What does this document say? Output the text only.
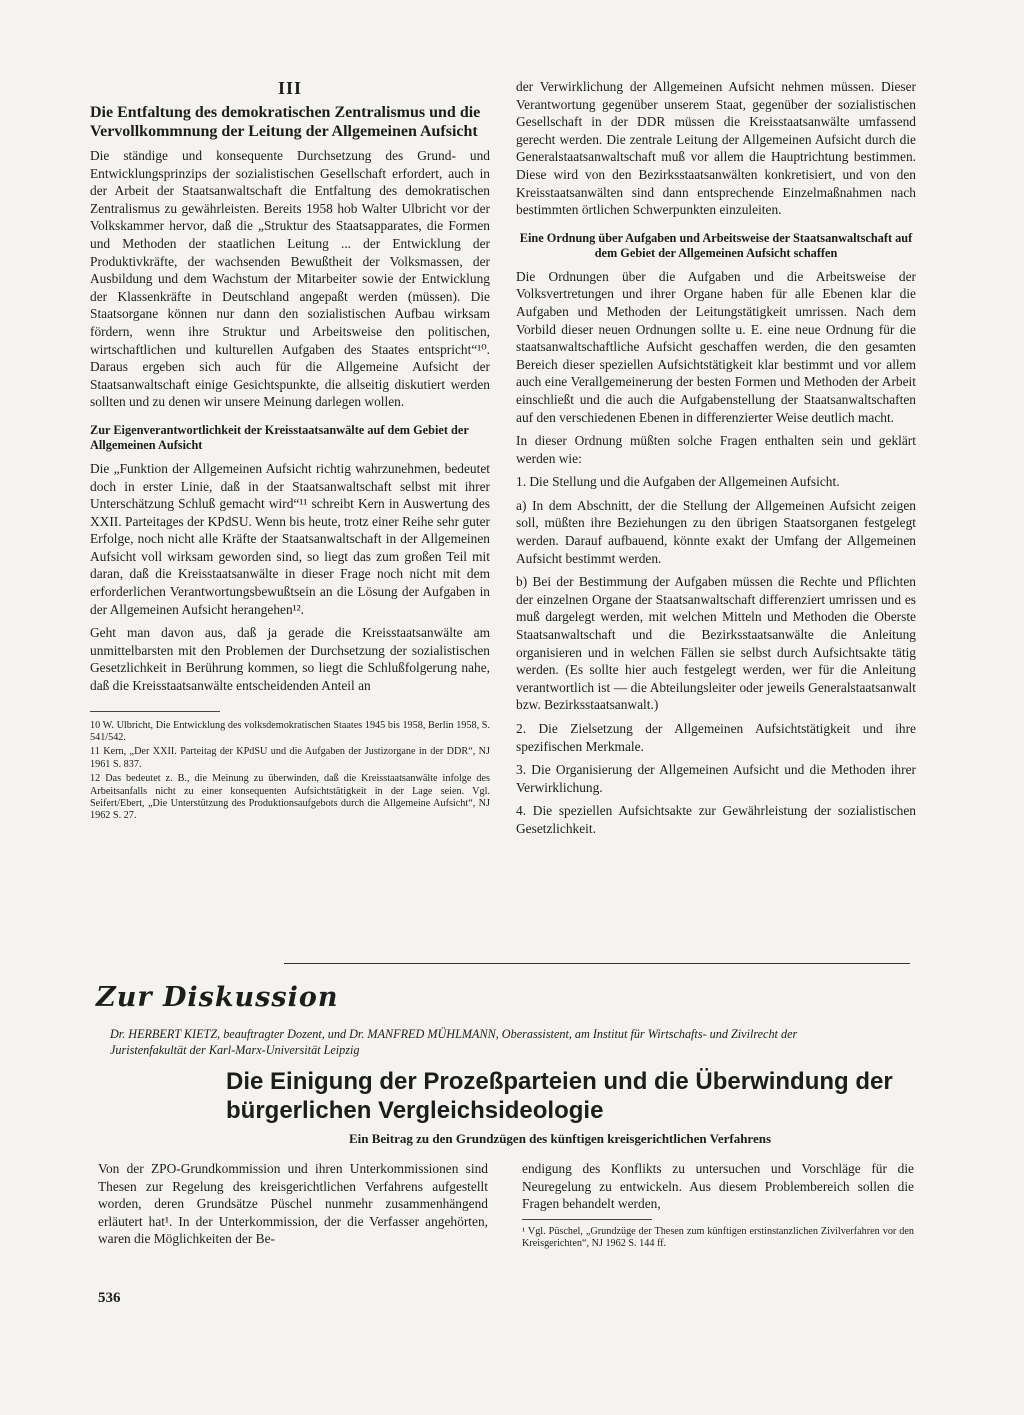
III
Die Entfaltung des demokratischen Zentralismus und die Vervollkommnung der Leitung der Allgemeinen Aufsicht

Die ständige und konsequente Durchsetzung des Grund- und Entwicklungsprinzips der sozialistischen Gesellschaft erfordert, auch in der Arbeit der Staatsanwaltschaft die Entfaltung des demokratischen Zentralismus zu gewährleisten. Bereits 1958 hob Walter Ulbricht vor der Volkskammer hervor, daß die „Struktur des Staatsapparates, die Formen und Methoden der staatlichen Leitung ... der Entwicklung der Produktivkräfte, der wachsenden Bewußtheit der Volksmassen, der Ausbildung und dem Wachstum der Mitarbeiter sowie der Entwicklung der Klassenkräfte in Deutschland angepaßt werden (müssen). Die Staatsorgane können nur dann den sozialistischen Aufbau wirksam fördern, wenn ihre Struktur und Arbeitsweise den politischen, wirtschaftlichen und kulturellen Aufgaben des Staates entspricht“¹⁰. Daraus ergeben sich auch für die Allgemeine Aufsicht der Staatsanwaltschaft einige Gesichtspunkte, die allseitig diskutiert werden sollten und zu denen wir unsere Meinung darlegen wollen.

Zur Eigenverantwortlichkeit der Kreisstaatsanwälte auf dem Gebiet der Allgemeinen Aufsicht

Die „Funktion der Allgemeinen Aufsicht richtig wahrzunehmen, bedeutet doch in erster Linie, daß in der Staatsanwaltschaft selbst mit ihrer Unterschätzung Schluß gemacht wird“¹¹ schreibt Kern in Auswertung des XXII. Parteitages der KPdSU. Wenn bis heute, trotz einer Reihe sehr guter Erfolge, noch nicht alle Kräfte der Staatsanwaltschaft in der Allgemeinen Aufsicht voll wirksam geworden sind, so liegt das zum großen Teil mit daran, daß die Kreisstaatsanwälte in dieser Frage noch nicht mit dem erforderlichen Verantwortungsbewußtsein an die Lösung der Aufgaben in der Allgemeinen Aufsicht herangehen¹².

Geht man davon aus, daß ja gerade die Kreisstaatsanwälte am unmittelbarsten mit den Problemen der Durchsetzung der sozialistischen Gesetzlichkeit in Berührung kommen, so liegt die Schlußfolgerung nahe, daß die Kreisstaatsanwälte entscheidenden Anteil an

10 W. Ulbricht, Die Entwicklung des volksdemokratischen Staates 1945 bis 1958, Berlin 1958, S. 541/542.

11 Kern, „Der XXII. Parteitag der KPdSU und die Aufgaben der Justizorgane in der DDR“, NJ 1961 S. 837.

12 Das bedeutet z. B., die Meinung zu überwinden, daß die Kreisstaatsanwälte infolge des Arbeitsanfalls nicht zu einer konsequenten Aufsichtstätigkeit in der Lage seien. Vgl. Seifert/Ebert, „Die Unterstützung des Produktionsaufgebots durch die Allgemeine Aufsicht“, NJ 1962 S. 27.

der Verwirklichung der Allgemeinen Aufsicht nehmen müssen. Dieser Verantwortung gegenüber unserem Staat, gegenüber der sozialistischen Gesellschaft in der DDR müssen die Kreisstaatsanwälte umfassend gerecht werden. Die zentrale Leitung der Allgemeinen Aufsicht durch die Generalstaatsanwaltschaft muß vor allem die Hauptrichtung bestimmen. Diese wird von den Bezirksstaatsanwälten konkretisiert, und von den Kreisstaatsanwälten sind dann entsprechende Einzelmaßnahmen nach bestimmten örtlichen Schwerpunkten einzuleiten.

Eine Ordnung über Aufgaben und Arbeitsweise der Staatsanwaltschaft auf dem Gebiet der Allgemeinen Aufsicht schaffen

Die Ordnungen über die Aufgaben und die Arbeitsweise der Volksvertretungen und ihrer Organe haben für alle Ebenen klar die Aufgaben und Methoden der Leitungstätigkeit umrissen. Nach dem Vorbild dieser neuen Ordnungen sollte u. E. eine neue Ordnung für die staatsanwaltschaftliche Aufsicht geschaffen werden, die den gesamten Bereich dieser speziellen Aufsichtstätigkeit klar bestimmt und vor allem auch eine Verallgemeinerung der besten Formen und Methoden der Arbeit einschließt und die auch die Aufgabenstellung der Staatsanwaltschaften auf den verschiedenen Ebenen in differenzierter Weise deutlich macht.

In dieser Ordnung müßten solche Fragen enthalten sein und geklärt werden wie:

1. Die Stellung und die Aufgaben der Allgemeinen Aufsicht.

a) In dem Abschnitt, der die Stellung der Allgemeinen Aufsicht zeigen soll, müßten ihre Beziehungen zu den übrigen Staatsorganen festgelegt werden. Darauf aufbauend, könnte exakt der Umfang der Allgemeinen Aufsicht bestimmt werden.

b) Bei der Bestimmung der Aufgaben müssen die Rechte und Pflichten der einzelnen Organe der Staatsanwaltschaft differenziert umrissen und es muß dargelegt werden, mit welchen Mitteln und Methoden die Oberste Staatsanwaltschaft und die Bezirksstaatsanwälte die Anleitung organisieren und in welchen Fällen sie selbst durch Aufsichtsakte tätig werden. (Es sollte hier auch festgelegt werden, wer für die Anleitung verantwortlich ist — die Abteilungsleiter oder jeweils Generalstaatsanwalt bzw. Bezirksstaatsanwalt.)

2. Die Zielsetzung der Allgemeinen Aufsichtstätigkeit und ihre spezifischen Merkmale.

3. Die Organisierung der Allgemeinen Aufsicht und die Methoden ihrer Verwirklichung.

4. Die speziellen Aufsichtsakte zur Gewährleistung der sozialistischen Gesetzlichkeit.

Zur Diskussion
Dr. HERBERT KIETZ, beauftragter Dozent, und Dr. MANFRED MÜHLMANN, Oberassistent, am Institut für Wirtschafts- und Zivilrecht der Juristenfakultät der Karl-Marx-Universität Leipzig
Die Einigung der Prozeßparteien und die Überwindung der bürgerlichen Vergleichsideologie
Ein Beitrag zu den Grundzügen des künftigen kreisgerichtlichen Verfahrens

Von der ZPO-Grundkommission und ihren Unterkommissionen sind Thesen zur Regelung des kreisgerichtlichen Verfahrens aufgestellt worden, deren Grundsätze Püschel nunmehr zusammenhängend erläutert hat¹. In der Unterkommission, der die Verfasser angehörten, waren die Möglichkeiten der Be-

endigung des Konflikts zu untersuchen und Vorschläge für die Neuregelung zu entwickeln. Aus diesem Problembereich sollen die Fragen behandelt werden,

¹ Vgl. Püschel, „Grundzüge der Thesen zum künftigen erstinstanzlichen Zivilverfahren vor den Kreisgerichten“, NJ 1962 S. 144 ff.

536
